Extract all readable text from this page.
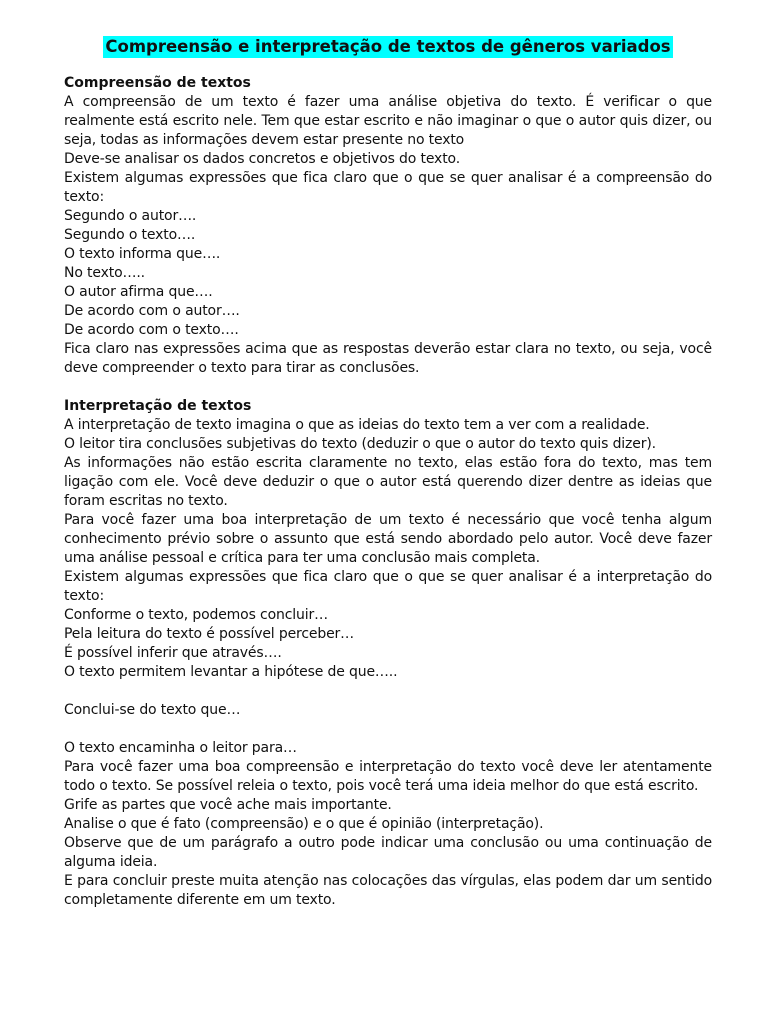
Compreensão e interpretação de textos de gêneros variados
Compreensão de textos
A compreensão de um texto é fazer uma análise objetiva do texto. É verificar o que realmente está escrito nele. Tem que estar escrito e não imaginar o que o autor quis dizer, ou seja, todas as informações devem estar presente no texto
Deve-se analisar os dados concretos e objetivos do texto.
Existem algumas expressões que fica claro que o que se quer analisar é a compreensão do texto:
Segundo o autor….
Segundo o texto….
O texto informa que….
No texto…..
O autor afirma que….
De acordo com o autor….
De acordo com o texto….
Fica claro nas expressões acima que as respostas deverão estar clara no texto, ou seja, você deve compreender o texto para tirar as conclusões.
Interpretação de textos
A interpretação de texto imagina o que as ideias do texto tem a ver com a realidade.
O leitor tira conclusões subjetivas do texto (deduzir o que o autor do texto quis dizer).
As informações não estão escrita claramente no texto, elas estão fora do texto, mas tem ligação com ele. Você deve deduzir o que o autor está querendo dizer dentre as ideias que foram escritas no texto.
Para você fazer uma boa interpretação de um texto é necessário que você tenha algum conhecimento prévio sobre o assunto que está sendo abordado pelo autor. Você deve fazer uma análise pessoal e crítica para ter uma conclusão mais completa.
Existem algumas expressões que fica claro que o que se quer analisar é a interpretação do texto:
Conforme o texto, podemos concluir…
Pela leitura do texto é possível perceber…
É possível inferir que através….
O texto permitem levantar a hipótese de que…..
Conclui-se do texto que…
O texto encaminha o leitor para…
Para você fazer uma boa compreensão e interpretação do texto você deve ler atentamente todo o texto. Se possível releia o texto, pois você terá uma ideia melhor do que está escrito.
Grife as partes que você ache mais importante.
Analise o que é fato (compreensão) e o que é opinião (interpretação).
Observe que de um parágrafo a outro pode indicar uma conclusão ou uma continuação de alguma ideia.
E para concluir preste muita atenção nas colocações das vírgulas, elas podem dar um sentido completamente diferente em um texto.
